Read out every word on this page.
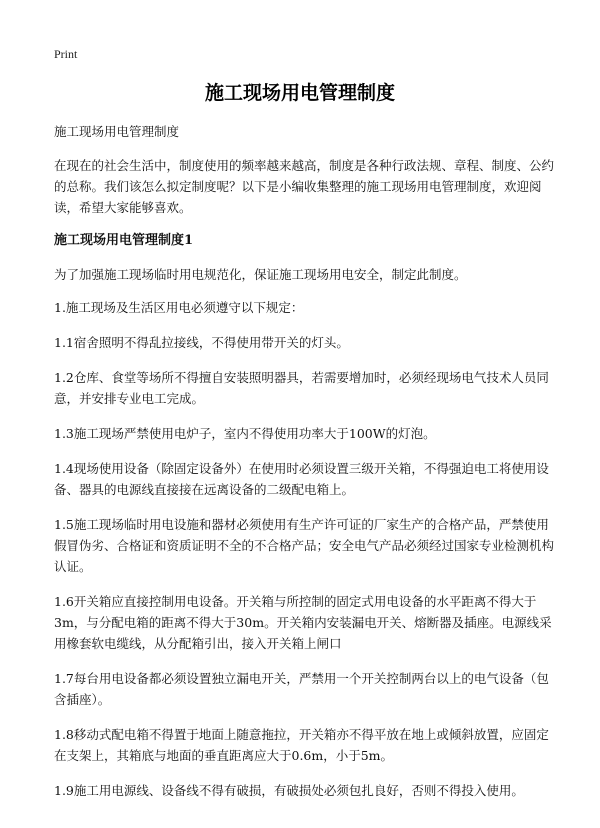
Print
施工现场用电管理制度

施工现场用电管理制度

在现在的社会生活中，制度使用的频率越来越高，制度是各种行政法规、章程、制度、公约的总称。我们该怎么拟定制度呢？以下是小编收集整理的施工现场用电管理制度，欢迎阅读，希望大家能够喜欢。

施工现场用电管理制度1

为了加强施工现场临时用电规范化，保证施工现场用电安全，制定此制度。

1.施工现场及生活区用电必须遵守以下规定：

1.1宿舍照明不得乱拉接线，不得使用带开关的灯头。

1.2仓库、食堂等场所不得擅自安装照明器具，若需要增加时，必须经现场电气技术人员同意，并安排专业电工完成。

1.3施工现场严禁使用电炉子，室内不得使用功率大于100W的灯泡。

1.4现场使用设备（除固定设备外）在使用时必须设置三级开关箱，不得强迫电工将使用设备、器具的电源线直接接在远离设备的二级配电箱上。

1.5施工现场临时用电设施和器材必须使用有生产许可证的厂家生产的合格产品，严禁使用假冒伪劣、合格证和资质证明不全的不合格产品；安全电气产品必须经过国家专业检测机构认证。

1.6开关箱应直接控制用电设备。开关箱与所控制的固定式用电设备的水平距离不得大于3m，与分配电箱的距离不得大于30m。开关箱内安装漏电开关、熔断器及插座。电源线采用橡套软电缆线，从分配箱引出，接入开关箱上闸口

1.7每台用电设备都必须设置独立漏电开关，严禁用一个开关控制两台以上的电气设备（包含插座）。

1.8移动式配电箱不得置于地面上随意拖拉，开关箱亦不得平放在地上或倾斜放置，应固定在支架上，其箱底与地面的垂直距离应大于0.6m，小于5m。

1.9施工用电源线、设备线不得有破损，有破损处必须包扎良好，否则不得投入使用。
